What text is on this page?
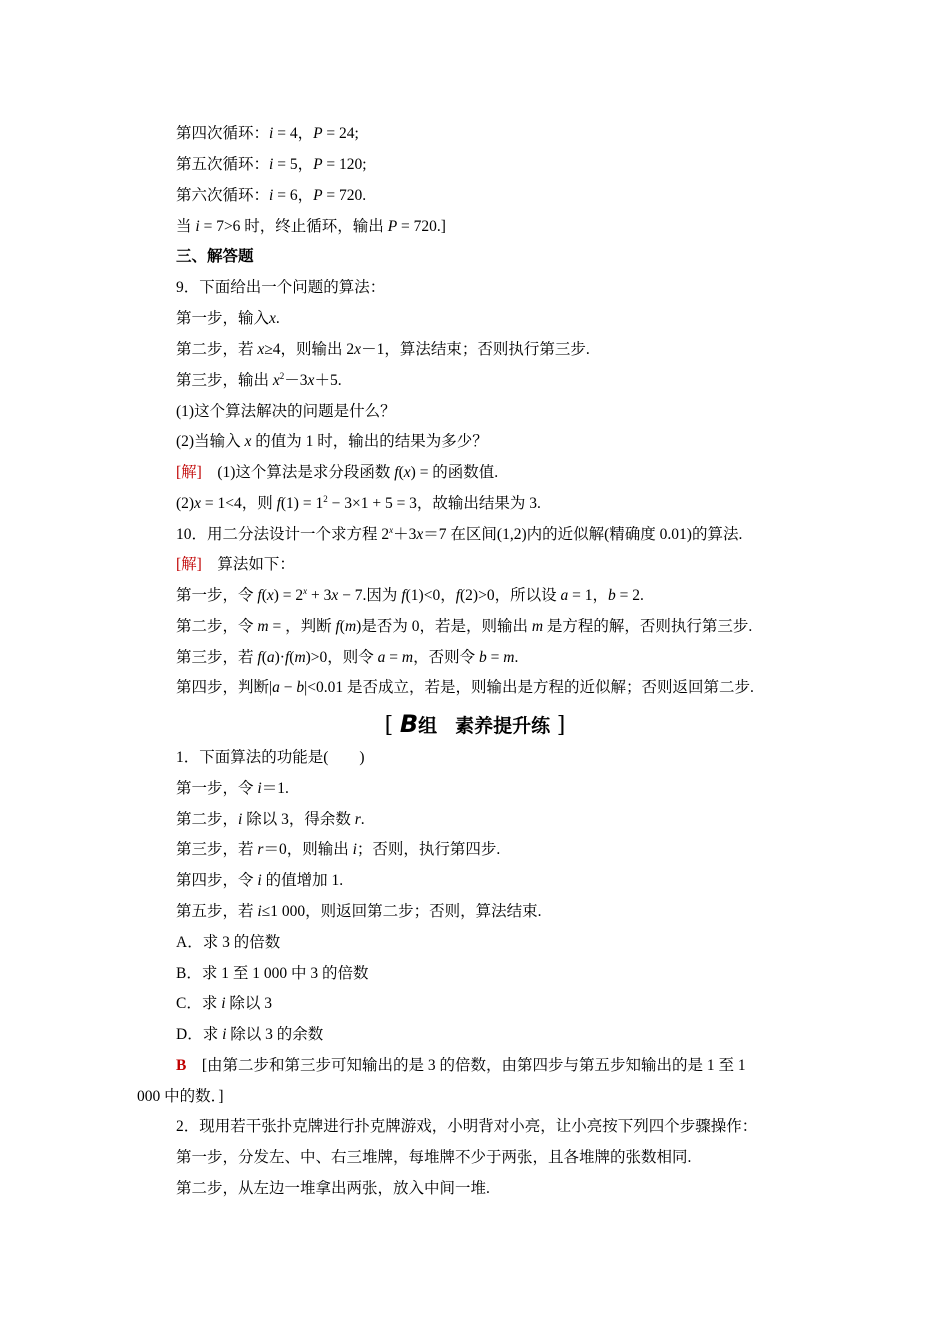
第四次循环：i = 4，P = 24;
第五次循环：i = 5，P = 120;
第六次循环：i = 6，P = 720.
当 i = 7>6 时，终止循环，输出 P = 720.]
三、解答题
9．下面给出一个问题的算法：
第一步，输入x.
第二步，若 x≥4，则输出 2x－1，算法结束；否则执行第三步.
第三步，输出 $x^2-3x+5$.
(1)这个算法解决的问题是什么？
(2)当输入 x 的值为 1 时，输出的结果为多少？
[解]　(1)这个算法是求分段函数 f(x) = 的函数值.
(2)x = 1<4，则 $f(1) = 1^2 - 3\times 1 + 5 = 3$，故输出结果为 3.
10．用二分法设计一个求方程 $2^x+3x=7$ 在区间(1,2)内的近似解(精确度 0.01)的算法.
[解]　算法如下：
第一步，令 $f(x) = 2^x + 3x - 7$.因为 f(1)<0，f(2)>0，所以设 a = 1，b = 2.
第二步，令 m = ，判断 f(m)是否为 0，若是，则输出 m 是方程的解，否则执行第三步.
第三步，若 f(a)·f(m)>0，则令 a = m，否则令 b = m.
第四步，判断|a − b|<0.01 是否成立，若是，则输出是方程的近似解；否则返回第二步.
[ B组 素养提升练 ]
1．下面算法的功能是(　　)
第一步，令 i＝1.
第二步，i 除以 3，得余数 r.
第三步，若 r＝0，则输出 i；否则，执行第四步.
第四步，令 i 的值增加 1.
第五步，若 i≤1 000，则返回第二步；否则，算法结束.
A．求 3 的倍数
B．求 1 至 1 000 中 3 的倍数
C．求 i 除以 3
D．求 i 除以 3 的余数
B　[由第二步和第三步可知输出的是 3 的倍数，由第四步与第五步知输出的是 1 至 1
000 中的数．]
2．现用若干张扑克牌进行扑克牌游戏，小明背对小亮，让小亮按下列四个步骤操作：
第一步，分发左、中、右三堆牌，每堆牌不少于两张，且各堆牌的张数相同.
第二步，从左边一堆拿出两张，放入中间一堆.
